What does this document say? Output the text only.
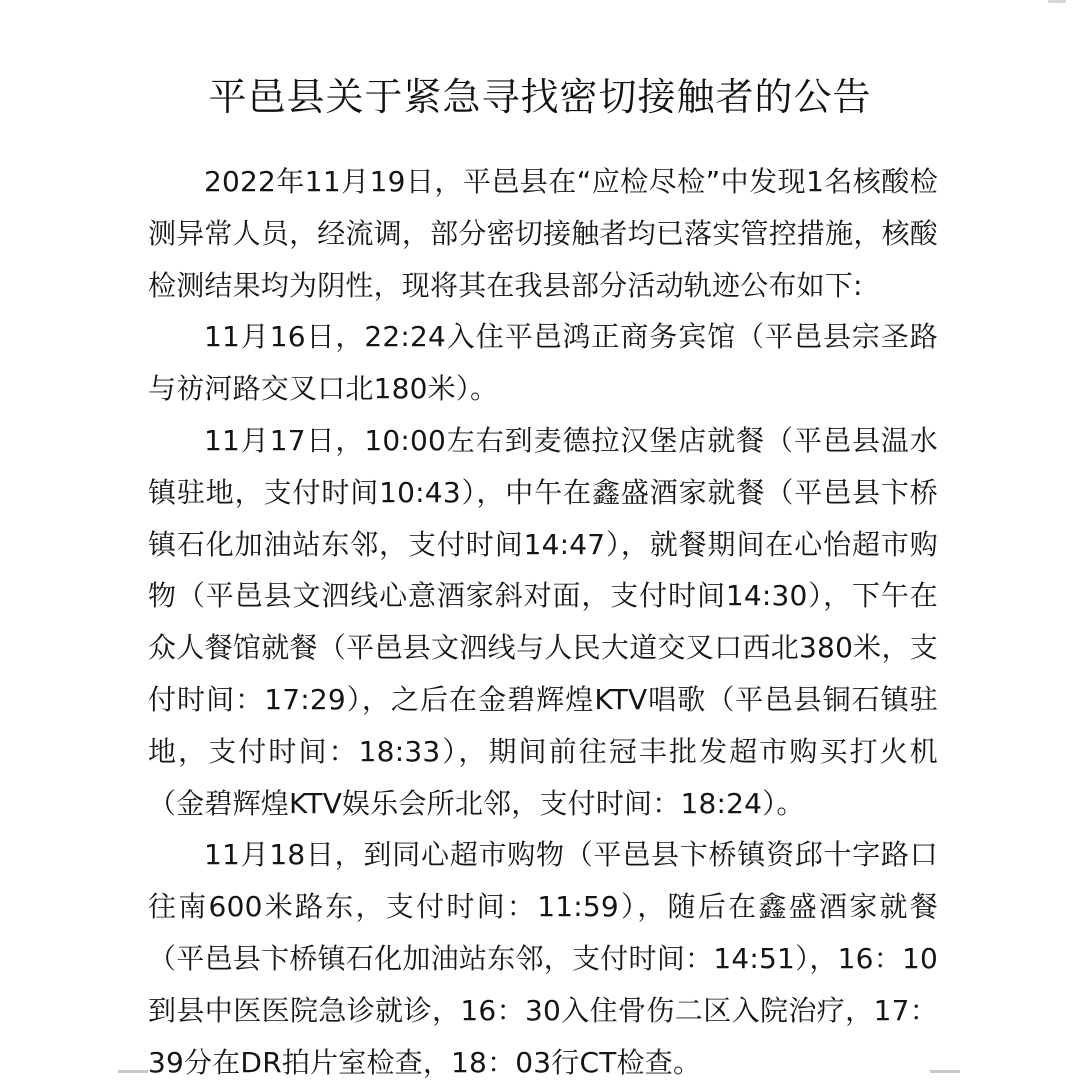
平邑县关于紧急寻找密切接触者的公告

2022年11月19日，平邑县在“应检尽检”中发现1名核酸检测异常人员，经流调，部分密切接触者均已落实管控措施，核酸检测结果均为阴性，现将其在我县部分活动轨迹公布如下:

11月16日，22:24入住平邑鸿正商务宾馆（平邑县宗圣路与祊河路交叉口北180米）。

11月17日，10:00左右到麦德拉汉堡店就餐（平邑县温水镇驻地，支付时间10:43），中午在鑫盛酒家就餐（平邑县卞桥镇石化加油站东邻，支付时间14:47），就餐期间在心怡超市购物（平邑县文泗线心意酒家斜对面，支付时间14:30），下午在众人餐馆就餐（平邑县文泗线与人民大道交叉口西北380米，支付时间：17:29），之后在金碧辉煌KTV唱歌（平邑县铜石镇驻地，支付时间：18:33），期间前往冠丰批发超市购买打火机（金碧辉煌KTV娱乐会所北邻，支付时间：18:24）。

11月18日，到同心超市购物（平邑县卞桥镇资邱十字路口往南600米路东，支付时间：11:59），随后在鑫盛酒家就餐（平邑县卞桥镇石化加油站东邻，支付时间：14:51），16：10到县中医医院急诊就诊，16：30入住骨伤二区入院治疗，17：39分在DR拍片室检查，18：03行CT检查。
